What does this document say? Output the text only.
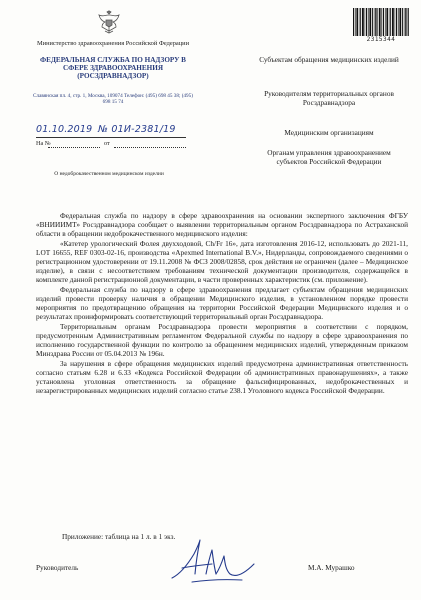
Министерство здравоохранения Российской Федерации
ФЕДЕРАЛЬНАЯ СЛУЖБА ПО НАДЗОРУ В СФЕРЕ ЗДРАВООХРАНЕНИЯ (РОСЗДРАВНАДЗОР)
Славянская пл. 4, стр. 1, Москва, 109074 Телефон: (495) 698 45 38; (495) 698 15 74
01.10.2019 № 01И-2381/19
На №	от
О недоброкачественном медицинском изделии
2315344
Субъектам обращения медицинских изделий
Руководителям территориальных органов Росздравнадзора
Медицинским организациям
Органам управления здравоохранением субъектов Российской Федерации

Федеральная служба по надзору в сфере здравоохранения на основании экспертного заключения ФГБУ «ВНИИИМТ» Росздравнадзора сообщает о выявлении территориальным органом Росздравнадзора по Астраханской области в обращении недоброкачественного медицинского изделия:

«Катетер урологический Фолея двухходовой, Ch/Fr 16», дата изготовления 2016-12, использовать до 2021-11, LOT 16655, REF 0303-02-16, производства «Apexmed International B.V.», Нидерланды, сопровождаемого сведениями о регистрационном удостоверении от 19.11.2008 № ФСЗ 2008/02858, срок действия не ограничен (далее – Медицинское изделие), в связи с несоответствием требованиям технической документации производителя, содержащейся в комплекте данной регистрационной документации, в части проверенных характеристик (см. приложение).

Федеральная служба по надзору в сфере здравоохранения предлагает субъектам обращения медицинских изделий провести проверку наличия в обращении Медицинского изделия, в установленном порядке провести мероприятия по предотвращению обращения на территории Российской Федерации Медицинского изделия и о результатах проинформировать соответствующий территориальный орган Росздравнадзора.

Территориальным органам Росздравнадзора провести мероприятия в соответствии с порядком, предусмотренным Административным регламентом Федеральной службы по надзору в сфере здравоохранения по исполнению государственной функции по контролю за обращением медицинских изделий, утвержденным приказом Минздрава России от 05.04.2013 № 196н.

За нарушения в сфере обращения медицинских изделий предусмотрена административная ответственность согласно статьям 6.28 и 6.33 «Кодекса Российской Федерации об административных правонарушениях», а также установлена уголовная ответственность за обращение фальсифицированных, недоброкачественных и незарегистрированных медицинских изделий согласно статье 238.1 Уголовного кодекса Российской Федерации.

Приложение: таблица на 1 л. в 1 экз.
Руководитель	М.А. Мурашко
